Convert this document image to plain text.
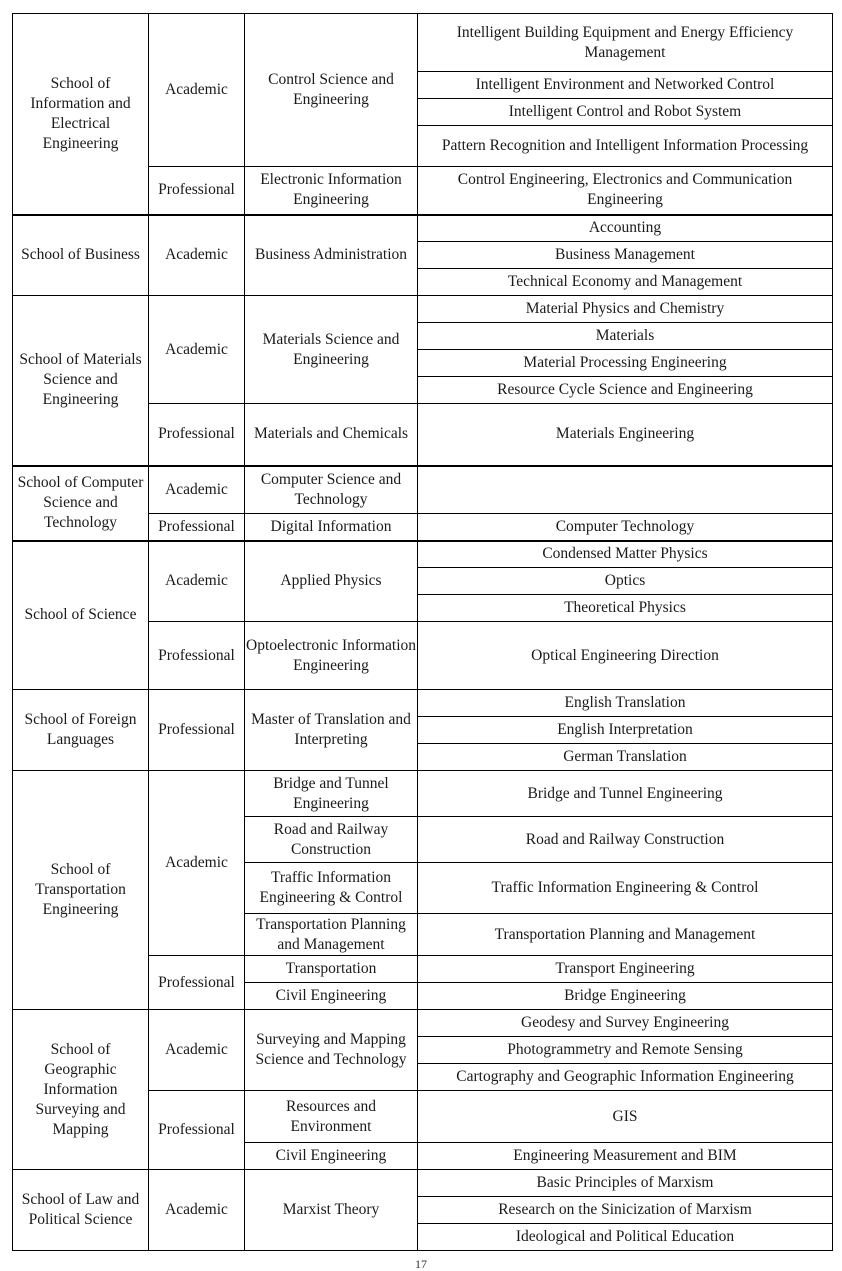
School of Information and Electrical Engineering	Academic	Control Science and Engineering	Intelligent Building Equipment and Energy Efficiency Management
			Intelligent Environment and Networked Control
			Intelligent Control and Robot System
			Pattern Recognition and Intelligent Information Processing
	Professional	Electronic Information Engineering	Control Engineering, Electronics and Communication Engineering
School of Business	Academic	Business Administration	Accounting
			Business Management
			Technical Economy and Management
School of Materials Science and Engineering	Academic	Materials Science and Engineering	Material Physics and Chemistry
			Materials
			Material Processing Engineering
			Resource Cycle Science and Engineering
	Professional	Materials and Chemicals	Materials Engineering
School of Computer Science and Technology	Academic	Computer Science and Technology	
	Professional	Digital Information	Computer Technology
School of Science	Academic	Applied Physics	Condensed Matter Physics
			Optics
			Theoretical Physics
	Professional	Optoelectronic Information Engineering	Optical Engineering Direction
School of Foreign Languages	Professional	Master of Translation and Interpreting	English Translation
			English Interpretation
			German Translation
School of Transportation Engineering	Academic	Bridge and Tunnel Engineering	Bridge and Tunnel Engineering
		Road and Railway Construction	Road and Railway Construction
		Traffic Information Engineering & Control	Traffic Information Engineering & Control
		Transportation Planning and Management	Transportation Planning and Management
	Professional	Transportation	Transport Engineering
		Civil Engineering	Bridge Engineering
School of Geographic Information Surveying and Mapping	Academic	Surveying and Mapping Science and Technology	Geodesy and Survey Engineering
			Photogrammetry and Remote Sensing
			Cartography and Geographic Information Engineering
	Professional	Resources and Environment	GIS
		Civil Engineering	Engineering Measurement and BIM
School of Law and Political Science	Academic	Marxist Theory	Basic Principles of Marxism
			Research on the Sinicization of Marxism
			Ideological and Political Education
17
